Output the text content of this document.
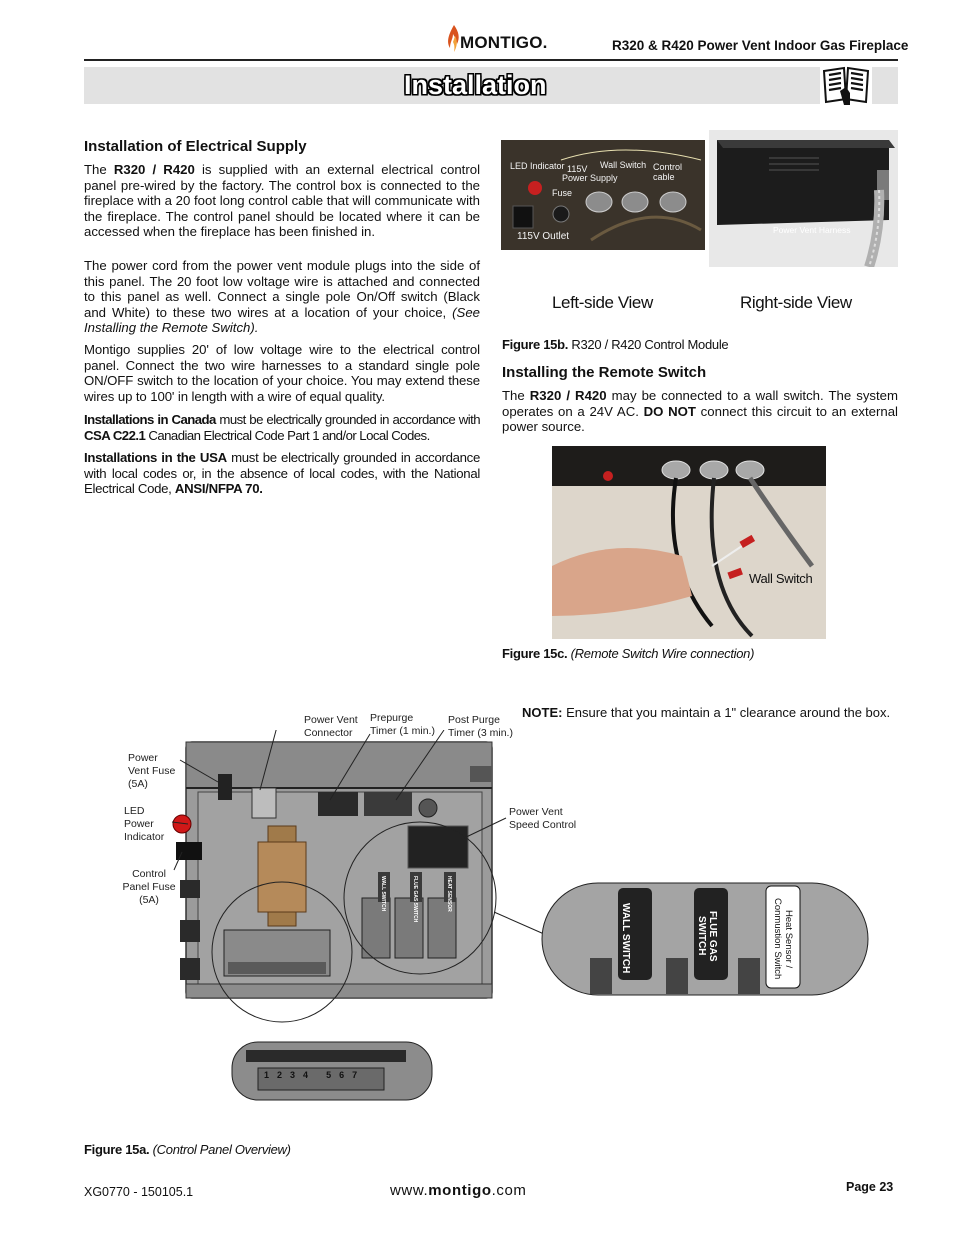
MONTIGO.	R320 & R420 Power Vent Indoor Gas Fireplace
Installation
Installation of Electrical Supply

The R320 / R420 is supplied with an external electrical control panel pre-wired by the factory. The control box is connected to the fireplace with a 20 foot long control cable that will communicate with the fireplace. The control panel should be located where it can be accessed when the fireplace has been finished in.

The power cord from the power vent module plugs into the side of this panel. The 20 foot low voltage wire is attached and connected to this panel as well. Connect a single pole On/Off switch (Black and White) to these two wires at a location of your choice, (See Installing the Remote Switch).

Montigo supplies 20' of low voltage wire to the electrical control panel. Connect the two wire harnesses to a standard single pole ON/OFF switch to the location of your choice. You may extend these wires up to 100' in length with a wire of equal quality.

Installations in Canada must be electrically grounded in accordance with CSA C22.1 Canadian Electrical Code Part 1 and/or Local Codes.

Installations in the USA must be electrically grounded in accordance with local codes or, in the absence of local codes, with the National Electrical Code, ANSI/NFPA 70.

LED Indicator 115V
Power Supply
Wall Switch Control cable
Fuse
115V Outlet
Power Vent Harness
Left-side View	Right-side View
Figure 15b. R320 / R420 Control Module
Installing the Remote Switch

The R320 / R420 may be connected to a wall switch. The system operates on a 24V AC. DO NOT connect this circuit to an external power source.

Wall Switch
Figure 15c. (Remote Switch Wire connection)
NOTE: Ensure that you maintain a 1" clearance around the box.
Power Vent Connector
Prepurge Timer (1 min.)
Post Purge Timer (3 min.)
Power Vent Fuse (5A)
LED Power Indicator
Control Panel Fuse (5A)
Power Vent Speed Control
WALL SWITCH	FLUE GAS SWITCH	HEAT SENSOR
WALL SWITCH	FLUE GAS SWITCH	Heat Sensor / Conmustion Switch
1 2 3 4 5 6 7
Figure 15a. (Control Panel Overview)
XG0770 - 150105.1	www.montigo.com	Page 23
